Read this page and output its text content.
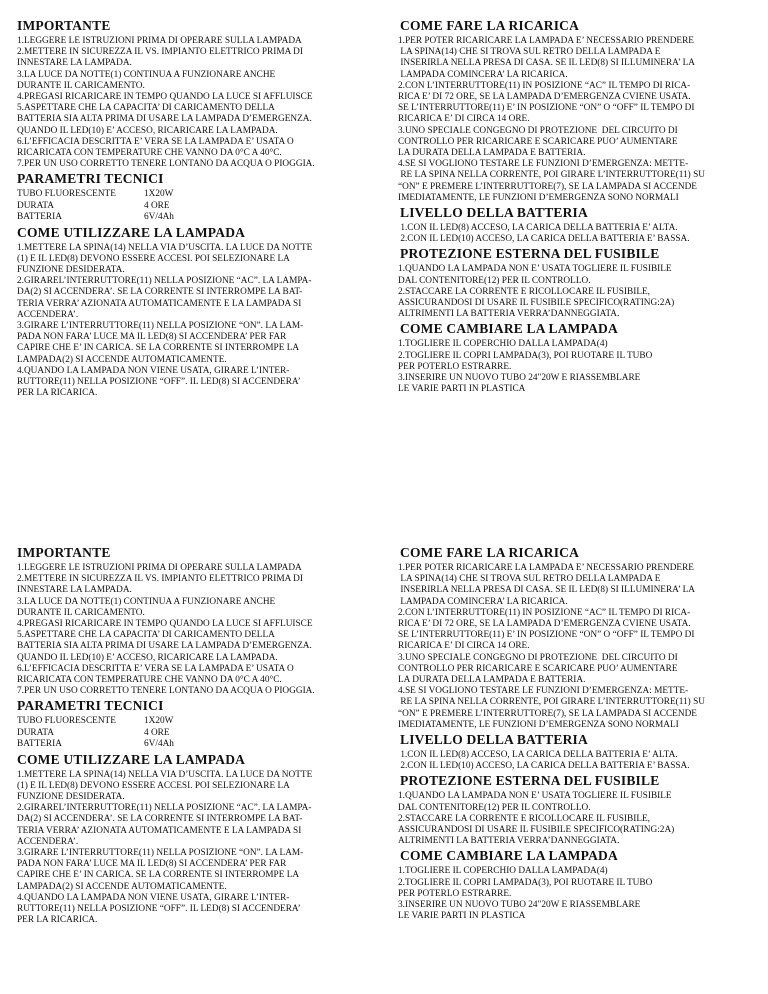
IMPORTANTE
1.LEGGERE LE ISTRUZIONI PRIMA DI OPERARE SULLA LAMPADA
2.METTERE IN SICUREZZA IL VS. IMPIANTO ELETTRICO PRIMA DI
INNESTARE LA LAMPADA.
3.LA LUCE DA NOTTE(1) CONTINUA A FUNZIONARE ANCHE
DURANTE IL CARICAMENTO.
4.PREGASI RICARICARE IN TEMPO QUANDO LA LUCE SI AFFLUISCE
5.ASPETTARE CHE LA CAPACITA’ DI CARICAMENTO DELLA
BATTERIA SIA ALTA PRIMA DI USARE LA LAMPADA D’EMERGENZA.
QUANDO IL LED(10) E’ ACCESO, RICARICARE LA LAMPADA.
6.L’EFFICACIA DESCRITTA E’ VERA SE LA LAMPADA E’ USATA O
RICARICATA CON TEMPERATURE CHE VANNO DA 0°C A 40°C.
7.PER UN USO CORRETTO TENERE LONTANO DA ACQUA O PIOGGIA.
PARAMETRI TECNICI
TUBO FLUORESCENTE	1X20W
DURATA	4 ORE
BATTERIA	6V/4Ah
COME UTILIZZARE LA LAMPADA
1.METTERE LA SPINA(14) NELLA VIA D’USCITA. LA LUCE DA NOTTE
(1) E IL LED(8) DEVONO ESSERE ACCESI. POI SELEZIONARE LA
FUNZIONE DESIDERATA.
2.GIRAREL’INTERRUTTORE(11) NELLA POSIZIONE “AC”. LA LAMPA-
DA(2) SI ACCENDERA’. SE LA CORRENTE SI INTERROMPE LA BAT-
TERIA VERRA’ AZIONATA AUTOMATICAMENTE E LA LAMPADA SI
ACCENDERA’.
3.GIRARE L’INTERRUTTORE(11) NELLA POSIZIONE “ON”. LA LAM-
PADA NON FARA’ LUCE MA IL LED(8) SI ACCENDERA’ PER FAR
CAPIRE CHE E’ IN CARICA. SE LA CORRENTE SI INTERROMPE LA
LAMPADA(2) SI ACCENDE AUTOMATICAMENTE.
4.QUANDO LA LAMPADA NON VIENE USATA, GIRARE L’INTER-
RUTTORE(11) NELLA POSIZIONE “OFF”. IL LED(8) SI ACCENDERA’
PER LA RICARICA.
COME FARE LA RICARICA
1.PER POTER RICARICARE LA LAMPADA E’ NECESSARIO PRENDERE
LA SPINA(14) CHE SI TROVA SUL RETRO DELLA LAMPADA E
INSERIRLA NELLA PRESA DI CASA. SE IL LED(8) SI ILLUMINERA’ LA
LAMPADA COMINCERA’ LA RICARICA.
2.CON L’INTERRUTTORE(11) IN POSIZIONE “AC” IL TEMPO DI RICA-
RICA E’ DI 72 ORE, SE LA LAMPADA D’EMERGENZA CVIENE USATA.
SE L’INTERRUTTORE(11) E’ IN POSIZIONE “ON” O “OFF” IL TEMPO DI
RICARICA E’ DI CIRCA 14 ORE.
3.UNO SPECIALE CONGEGNO DI PROTEZIONE  DEL CIRCUITO DI
CONTROLLO PER RICARICARE E SCARICARE PUO’ AUMENTARE
LA DURATA DELLA LAMPADA E BATTERIA.
4.SE SI VOGLIONO TESTARE LE FUNZIONI D’EMERGENZA: METTE-
RE LA SPINA NELLA CORRENTE, POI GIRARE L’INTERRUTTORE(11) SU
“ON” E PREMERE L’INTERRUTTORE(7), SE LA LAMPADA SI ACCENDE
IMEDIATAMENTE, LE FUNZIONI D’EMERGENZA SONO NORMALI
LIVELLO DELLA BATTERIA
1.CON IL LED(8) ACCESO, LA CARICA DELLA BATTERIA E’ ALTA.
2.CON IL LED(10) ACCESO, LA CARICA DELLA BATTERIA E’ BASSA.
PROTEZIONE ESTERNA DEL FUSIBILE
1.QUANDO LA LAMPADA NON E’ USATA TOGLIERE IL FUSIBILE
DAL CONTENITORE(12) PER IL CONTROLLO.
2.STACCARE LA CORRENTE E RICOLLOCARE IL FUSIBILE,
ASSICURANDOSI DI USARE IL FUSIBILE SPECIFICO(RATING:2A)
ALTRIMENTI LA BATTERIA VERRA’DANNEGGIATA.
COME CAMBIARE LA LAMPADA
1.TOGLIERE IL COPERCHIO DALLA LAMPADA(4)
2.TOGLIERE IL COPRI LAMPADA(3), POI RUOTARE IL TUBO
PER POTERLO ESTRARRE.
3.INSERIRE UN NUOVO TUBO 24"20W E RIASSEMBLARE
LE VARIE PARTI IN PLASTICA
IMPORTANTE
1.LEGGERE LE ISTRUZIONI PRIMA DI OPERARE SULLA LAMPADA
2.METTERE IN SICUREZZA IL VS. IMPIANTO ELETTRICO PRIMA DI
INNESTARE LA LAMPADA.
3.LA LUCE DA NOTTE(1) CONTINUA A FUNZIONARE ANCHE
DURANTE IL CARICAMENTO.
4.PREGASI RICARICARE IN TEMPO QUANDO LA LUCE SI AFFLUISCE
5.ASPETTARE CHE LA CAPACITA’ DI CARICAMENTO DELLA
BATTERIA SIA ALTA PRIMA DI USARE LA LAMPADA D’EMERGENZA.
QUANDO IL LED(10) E’ ACCESO, RICARICARE LA LAMPADA.
6.L’EFFICACIA DESCRITTA E’ VERA SE LA LAMPADA E’ USATA O
RICARICATA CON TEMPERATURE CHE VANNO DA 0°C A 40°C.
7.PER UN USO CORRETTO TENERE LONTANO DA ACQUA O PIOGGIA.
PARAMETRI TECNICI
TUBO FLUORESCENTE	1X20W
DURATA	4 ORE
BATTERIA	6V/4Ah
COME UTILIZZARE LA LAMPADA
1.METTERE LA SPINA(14) NELLA VIA D’USCITA. LA LUCE DA NOTTE
(1) E IL LED(8) DEVONO ESSERE ACCESI. POI SELEZIONARE LA
FUNZIONE DESIDERATA.
2.GIRAREL’INTERRUTTORE(11) NELLA POSIZIONE “AC”. LA LAMPA-
DA(2) SI ACCENDERA’. SE LA CORRENTE SI INTERROMPE LA BAT-
TERIA VERRA’ AZIONATA AUTOMATICAMENTE E LA LAMPADA SI
ACCENDERA’.
3.GIRARE L’INTERRUTTORE(11) NELLA POSIZIONE “ON”. LA LAM-
PADA NON FARA’ LUCE MA IL LED(8) SI ACCENDERA’ PER FAR
CAPIRE CHE E’ IN CARICA. SE LA CORRENTE SI INTERROMPE LA
LAMPADA(2) SI ACCENDE AUTOMATICAMENTE.
4.QUANDO LA LAMPADA NON VIENE USATA, GIRARE L’INTER-
RUTTORE(11) NELLA POSIZIONE “OFF”. IL LED(8) SI ACCENDERA’
PER LA RICARICA.
COME FARE LA RICARICA
1.PER POTER RICARICARE LA LAMPADA E’ NECESSARIO PRENDERE
LA SPINA(14) CHE SI TROVA SUL RETRO DELLA LAMPADA E
INSERIRLA NELLA PRESA DI CASA. SE IL LED(8) SI ILLUMINERA’ LA
LAMPADA COMINCERA’ LA RICARICA.
2.CON L’INTERRUTTORE(11) IN POSIZIONE “AC” IL TEMPO DI RICA-
RICA E’ DI 72 ORE, SE LA LAMPADA D’EMERGENZA CVIENE USATA.
SE L’INTERRUTTORE(11) E’ IN POSIZIONE “ON” O “OFF” IL TEMPO DI
RICARICA E’ DI CIRCA 14 ORE.
3.UNO SPECIALE CONGEGNO DI PROTEZIONE  DEL CIRCUITO DI
CONTROLLO PER RICARICARE E SCARICARE PUO’ AUMENTARE
LA DURATA DELLA LAMPADA E BATTERIA.
4.SE SI VOGLIONO TESTARE LE FUNZIONI D’EMERGENZA: METTE-
RE LA SPINA NELLA CORRENTE, POI GIRARE L’INTERRUTTORE(11) SU
“ON” E PREMERE L’INTERRUTTORE(7), SE LA LAMPADA SI ACCENDE
IMEDIATAMENTE, LE FUNZIONI D’EMERGENZA SONO NORMALI
LIVELLO DELLA BATTERIA
1.CON IL LED(8) ACCESO, LA CARICA DELLA BATTERIA E’ ALTA.
2.CON IL LED(10) ACCESO, LA CARICA DELLA BATTERIA E’ BASSA.
PROTEZIONE ESTERNA DEL FUSIBILE
1.QUANDO LA LAMPADA NON E’ USATA TOGLIERE IL FUSIBILE
DAL CONTENITORE(12) PER IL CONTROLLO.
2.STACCARE LA CORRENTE E RICOLLOCARE IL FUSIBILE,
ASSICURANDOSI DI USARE IL FUSIBILE SPECIFICO(RATING:2A)
ALTRIMENTI LA BATTERIA VERRA’DANNEGGIATA.
COME CAMBIARE LA LAMPADA
1.TOGLIERE IL COPERCHIO DALLA LAMPADA(4)
2.TOGLIERE IL COPRI LAMPADA(3), POI RUOTARE IL TUBO
PER POTERLO ESTRARRE.
3.INSERIRE UN NUOVO TUBO 24"20W E RIASSEMBLARE
LE VARIE PARTI IN PLASTICA
